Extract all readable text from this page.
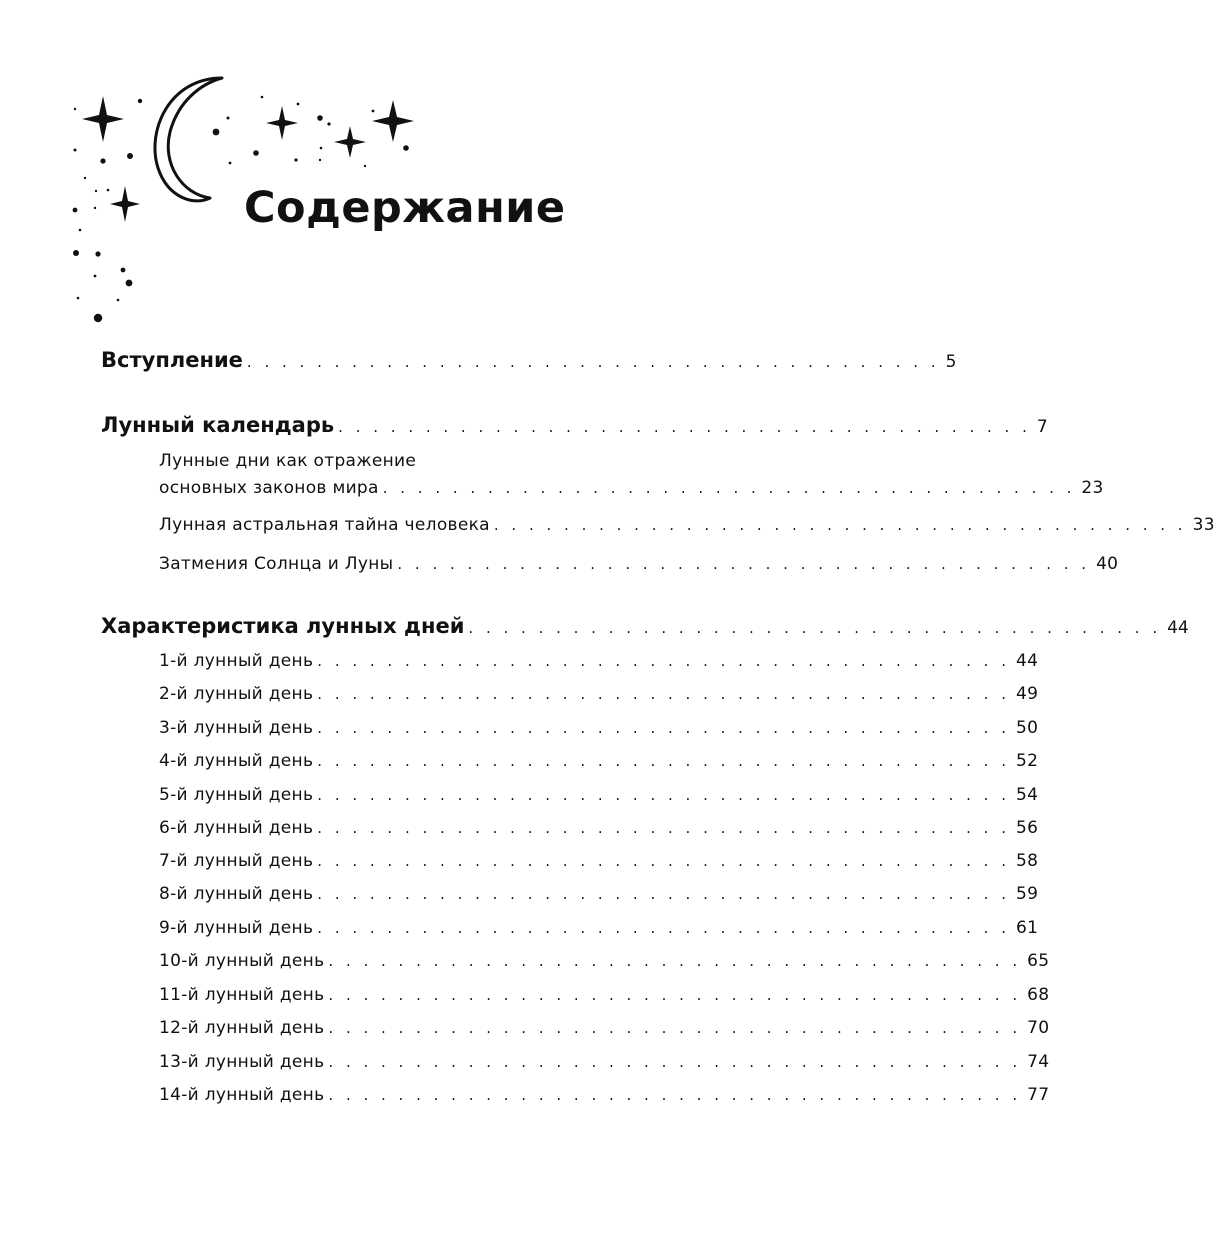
Содержание
Вступление . . . . . . . . . . . . . . . . . . . . . . . . . . . . . . . . . . . . . . . . 5
Лунный календарь . . . . . . . . . . . . . . . . . . . . . . . . . . . . . . . . . . . . . . . . 7
Лунные дни как отражение
основных законов мира . . . . . . . . . . . . . . . . . . . . . . . . . . . . . . . . . . . . . . . . 23
Лунная астральная тайна человека . . . . . . . . . . . . . . . . . . . . . . . . . . . . . . . . . . . . . . . . 33
Затмения Солнца и Луны . . . . . . . . . . . . . . . . . . . . . . . . . . . . . . . . . . . . . . . . 40
Характеристика лунных дней . . . . . . . . . . . . . . . . . . . . . . . . . . . . . . . . . . . . . . . . 44
1-й лунный день . . . . . . . . . . . . . . . . . . . . . . . . . . . . . . . . . . . . . . . . 44
2-й лунный день . . . . . . . . . . . . . . . . . . . . . . . . . . . . . . . . . . . . . . . . 49
3-й лунный день . . . . . . . . . . . . . . . . . . . . . . . . . . . . . . . . . . . . . . . . 50
4-й лунный день . . . . . . . . . . . . . . . . . . . . . . . . . . . . . . . . . . . . . . . . 52
5-й лунный день . . . . . . . . . . . . . . . . . . . . . . . . . . . . . . . . . . . . . . . . 54
6-й лунный день . . . . . . . . . . . . . . . . . . . . . . . . . . . . . . . . . . . . . . . . 56
7-й лунный день . . . . . . . . . . . . . . . . . . . . . . . . . . . . . . . . . . . . . . . . 58
8-й лунный день . . . . . . . . . . . . . . . . . . . . . . . . . . . . . . . . . . . . . . . . 59
9-й лунный день . . . . . . . . . . . . . . . . . . . . . . . . . . . . . . . . . . . . . . . . 61
10-й лунный день . . . . . . . . . . . . . . . . . . . . . . . . . . . . . . . . . . . . . . . . 65
11-й лунный день . . . . . . . . . . . . . . . . . . . . . . . . . . . . . . . . . . . . . . . . 68
12-й лунный день . . . . . . . . . . . . . . . . . . . . . . . . . . . . . . . . . . . . . . . . 70
13-й лунный день . . . . . . . . . . . . . . . . . . . . . . . . . . . . . . . . . . . . . . . . 74
14-й лунный день . . . . . . . . . . . . . . . . . . . . . . . . . . . . . . . . . . . . . . . . 77
